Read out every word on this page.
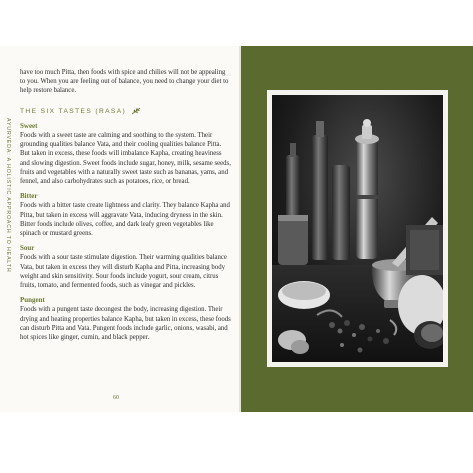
AYURVEDA: A HOLISTIC APPROACH TO HEALTH

have too much Pitta, then foods with spice and chilies will not be appealing to you. When you are feeling out of balance, you need to change your diet to help restore balance.

THE SIX TASTES (RASA)
Sweet

Foods with a sweet taste are calming and soothing to the system. Their grounding qualities balance Vata, and their cooling qualities balance Pitta. But taken in excess, these foods will imbalance Kapha, creating heaviness and slowing digestion. Sweet foods include sugar, honey, milk, sesame seeds, fruits and vegetables with a naturally sweet taste such as bananas, yams, and fennel, and also carbohydrates such as potatoes, rice, or bread.

Bitter

Foods with a bitter taste create lightness and clarity. They balance Kapha and Pitta, but taken in excess will aggravate Vata, inducing dryness in the skin. Bitter foods include olives, coffee, and dark leafy green vegetables like spinach or mustard greens.

Sour

Foods with a sour taste stimulate digestion. Their warming qualities balance Vata, but taken in excess they will disturb Kapha and Pitta, increasing body weight and skin sensitivity. Sour foods include yogurt, sour cream, citrus fruits, tomato, and fermented foods, such as vinegar and pickles.

Pungent

Foods with a pungent taste decongest the body, increasing digestion. Their drying and heating properties balance Kapha, but taken in excess, these foods can disturb Pitta and Vata. Pungent foods include garlic, onions, wasabi, and hot spices like ginger, cumin, and black pepper.

60
